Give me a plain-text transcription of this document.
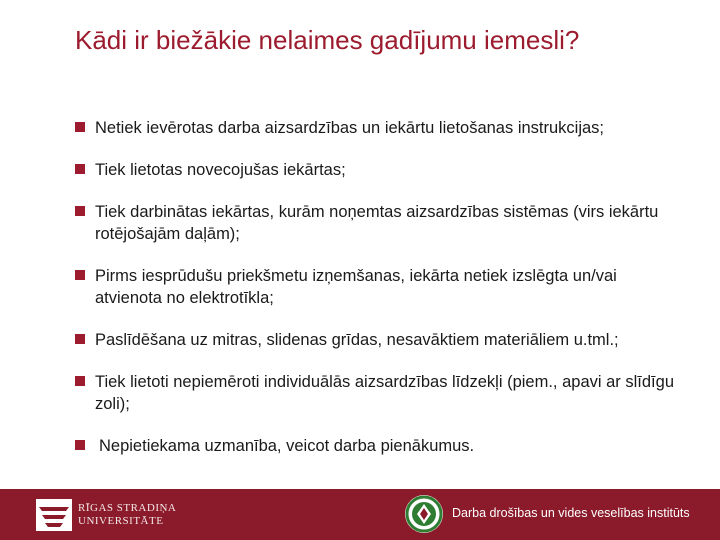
Kādi ir biežākie nelaimes gadījumu iemesli?
Netiek ievērotas darba aizsardzības un iekārtu lietošanas instrukcijas;
Tiek lietotas novecojušas iekārtas;
Tiek darbinātas iekārtas, kurām noņemtas aizsardzības sistēmas (virs iekārtu rotējošajām daļām);
Pirms iesprūdušu priekšmetu izņemšanas, iekārta netiek izslēgta un/vai atvienota no elektrotīkla;
Paslīdēšana uz mitras, slidenas grīdas, nesavāktiem materiāliem u.tml.;
Tiek lietoti nepiemēroti individuālās aizsardzības līdzekļi (piem., apavi ar slīdīgu zoli);
Nepietiekama uzmanība, veicot darba pienākumus.
RĪGAS STRADIŅA
UNIVERSITĀTE
Darba drošības un vides veselības institūts
